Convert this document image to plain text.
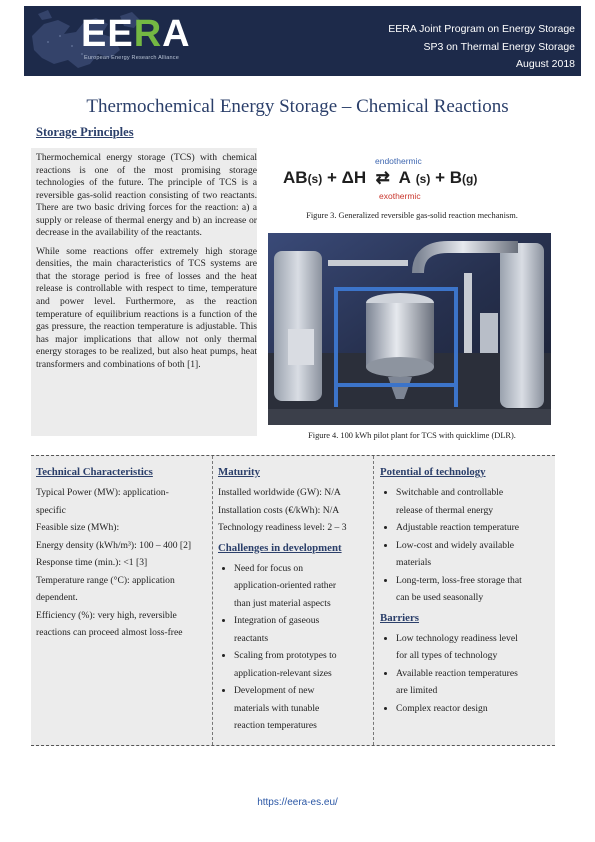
EERA
European Energy Research Alliance
EERA Joint Program on Energy Storage
SP3 on Thermal Energy Storage
August 2018
Thermochemical Energy Storage – Chemical Reactions
Storage Principles

Thermochemical energy storage (TCS) with chemical reactions is one of the most promising storage technologies of the future. The principle of TCS is a reversible gas-solid reaction consisting of two reactants. There are two basic driving forces for the reaction: a) a supply or release of thermal energy and b) an increase or decrease in the availability of the reactants.

While some reactions offer extremely high storage densities, the main characteristics of TCS systems are that the storage period is free of losses and the heat release is controllable with respect to time, temperature and power level. Furthermore, as the reaction temperature of equilibrium reactions is a function of the gas pressure, the reaction temperature is adjustable. This has major implications that allow not only thermal energy storages to be realized, but also heat pumps, heat transformers and combinations of both [1].

endothermic
AB(s) + ΔH ⇄ A (s) + B(g)
exothermic
Figure 3. Generalized reversible gas-solid reaction mechanism.
Figure 4. 100 kWh pilot plant for TCS with quicklime (DLR).
Technical Characteristics

Typical Power (MW): application-

specific

Feasible size (MWh):

Energy density (kWh/m³): 100 – 400 [2]

Response time (min.): <1 [3]

Temperature range (°C): application

dependent.

Efficiency (%): very high, reversible

reactions can proceed almost loss-free

Maturity

Installed worldwide (GW): N/A

Installation costs (€/kWh): N/A

Technology readiness level: 2 – 3

Challenges in development
• Need for focus on
application-oriented rather
than just material aspects
• Integration of gaseous
reactants
• Scaling from prototypes to
application-relevant sizes
• Development of new
materials with tunable
reaction temperatures
Potential of technology
• Switchable and controllable
release of thermal energy
• Adjustable reaction temperature
• Low-cost and widely available
materials
• Long-term, loss-free storage that
can be used seasonally
Barriers
• Low technology readiness level
for all types of technology
• Available reaction temperatures
are limited
• Complex reactor design
https://eera-es.eu/
